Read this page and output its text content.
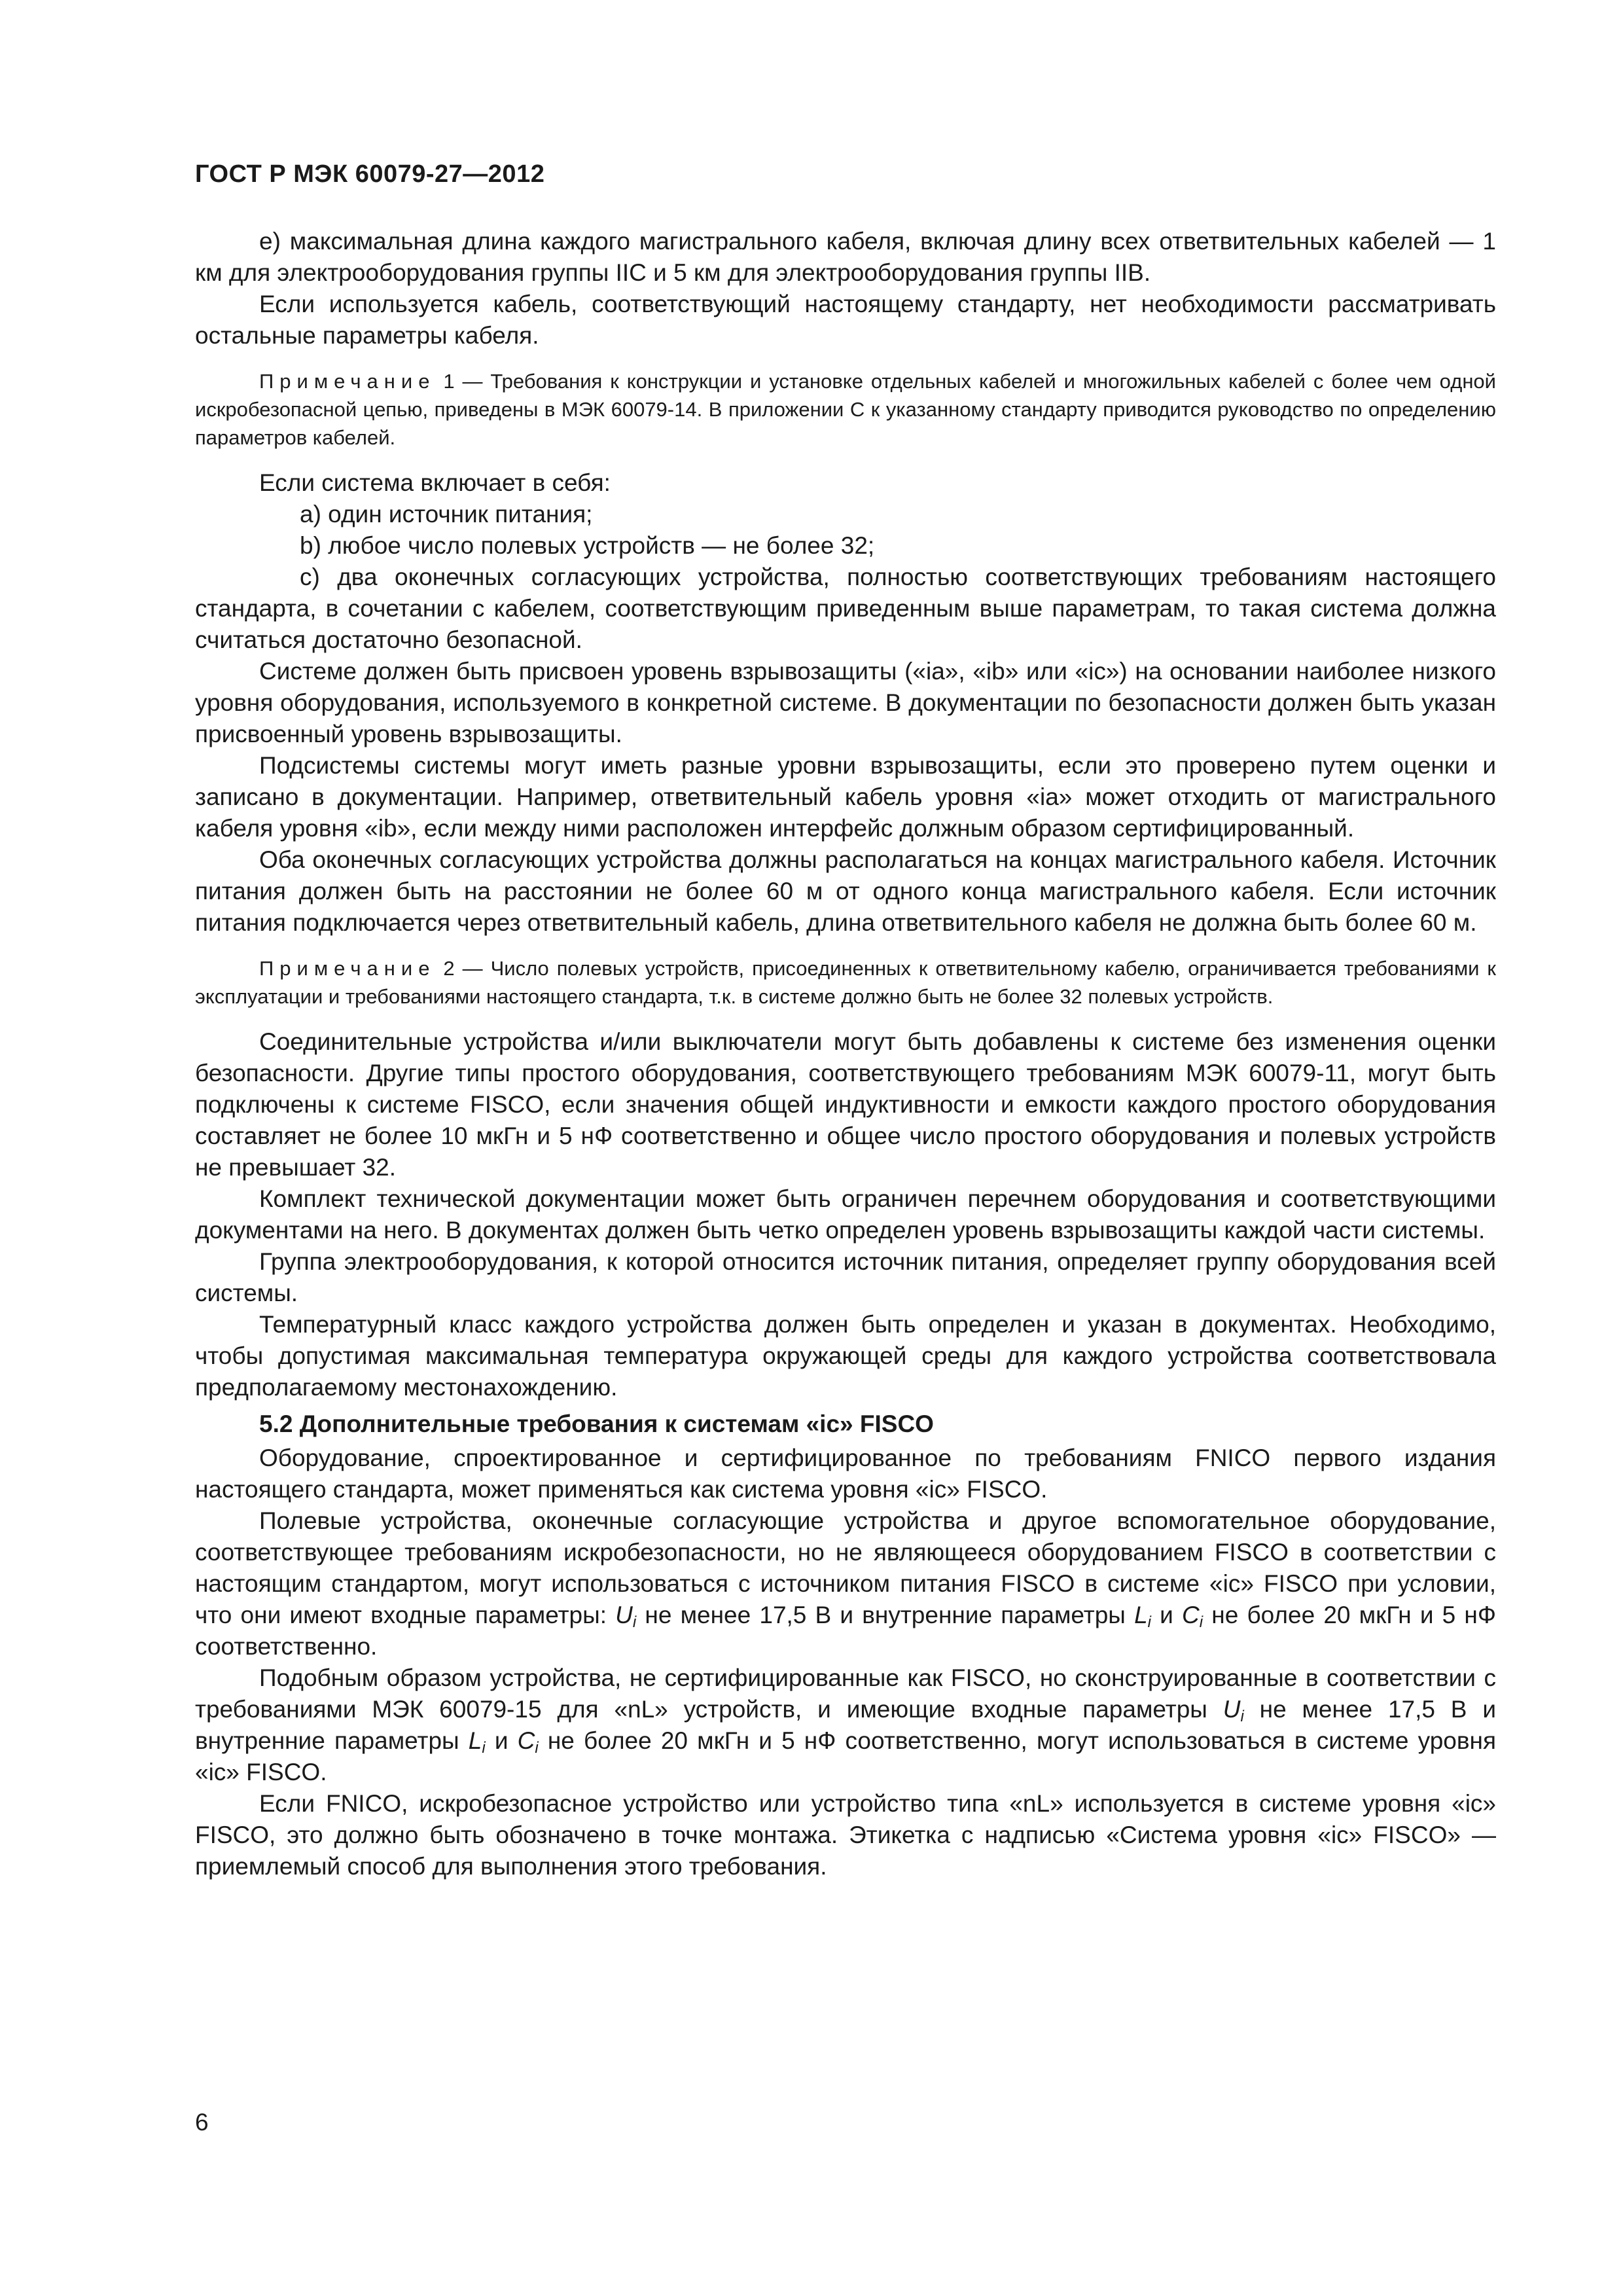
ГОСТ Р МЭК 60079-27—2012

е) максимальная длина каждого магистрального кабеля, включая длину всех ответвительных кабелей — 1 км для электрооборудования группы IIC и 5 км для электрооборудования группы IIB.

Если используется кабель, соответствующий настоящему стандарту, нет необходимости рассматривать остальные параметры кабеля.

Примечание 1 — Требования к конструкции и установке отдельных кабелей и многожильных кабелей с более чем одной искробезопасной цепью, приведены в МЭК 60079-14. В приложении С к указанному стандарту приводится руководство по определению параметров кабелей.

Если система включает в себя:

а) один источник питания;

b) любое число полевых устройств — не более 32;

с) два оконечных согласующих устройства, полностью соответствующих требованиям настоящего стандарта, в сочетании с кабелем, соответствующим приведенным выше параметрам, то такая система должна считаться достаточно безопасной.

Системе должен быть присвоен уровень взрывозащиты («ia», «ib» или «ic») на основании наиболее низкого уровня оборудования, используемого в конкретной системе. В документации по безопасности должен быть указан присвоенный уровень взрывозащиты.

Подсистемы системы могут иметь разные уровни взрывозащиты, если это проверено путем оценки и записано в документации. Например, ответвительный кабель уровня «ia» может отходить от магистрального кабеля уровня «ib», если между ними расположен интерфейс должным образом сертифицированный.

Оба оконечных согласующих устройства должны располагаться на концах магистрального кабеля. Источник питания должен быть на расстоянии не более 60 м от одного конца магистрального кабеля. Если источник питания подключается через ответвительный кабель, длина ответвительного кабеля не должна быть более 60 м.

Примечание 2 — Число полевых устройств, присоединенных к ответвительному кабелю, ограничивается требованиями к эксплуатации и требованиями настоящего стандарта, т.к. в системе должно быть не более 32 полевых устройств.

Соединительные устройства и/или выключатели могут быть добавлены к системе без изменения оценки безопасности. Другие типы простого оборудования, соответствующего требованиям МЭК 60079-11, могут быть подключены к системе FISCO, если значения общей индуктивности и емкости каждого простого оборудования составляет не более 10 мкГн и 5 нФ соответственно и общее число простого оборудования и полевых устройств не превышает 32.

Комплект технической документации может быть ограничен перечнем оборудования и соответствующими документами на него. В документах должен быть четко определен уровень взрывозащиты каждой части системы.

Группа электрооборудования, к которой относится источник питания, определяет группу оборудования всей системы.

Температурный класс каждого устройства должен быть определен и указан в документах. Необходимо, чтобы допустимая максимальная температура окружающей среды для каждого устройства соответствовала предполагаемому местонахождению.

5.2 Дополнительные требования к системам «ic» FISCO

Оборудование, спроектированное и сертифицированное по требованиям FNICO первого издания настоящего стандарта, может применяться как система уровня «ic» FISCO.

Полевые устройства, оконечные согласующие устройства и другое вспомогательное оборудование, соответствующее требованиям искробезопасности, но не являющееся оборудованием FISCO в соответствии с настоящим стандартом, могут использоваться с источником питания FISCO в системе «ic» FISCO при условии, что они имеют входные параметры: $U_i$ не менее 17,5 В и внутренние параметры $L_i$ и $C_i$ не более 20 мкГн и 5 нФ соответственно.

Подобным образом устройства, не сертифицированные как FISCO, но сконструированные в соответствии с требованиями МЭК 60079-15 для «nL» устройств, и имеющие входные параметры $U_i$ не менее 17,5 В и внутренние параметры $L_i$ и $C_i$ не более 20 мкГн и 5 нФ соответственно, могут использоваться в системе уровня «ic» FISCO.

Если FNICO, искробезопасное устройство или устройство типа «nL» используется в системе уровня «ic» FISCO, это должно быть обозначено в точке монтажа. Этикетка с надписью «Система уровня «ic» FISCO» — приемлемый способ для выполнения этого требования.

6
